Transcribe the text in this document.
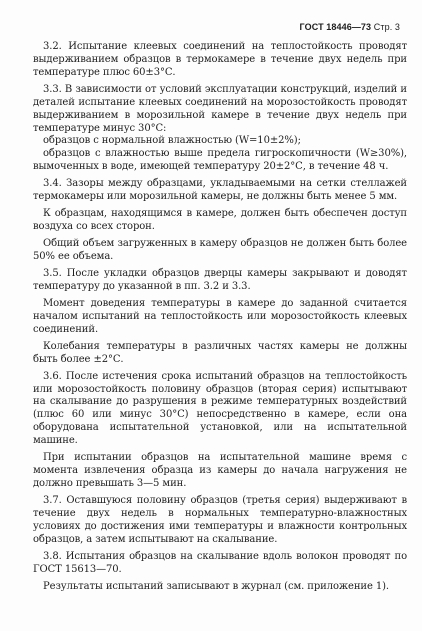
ГОСТ 18446—73 Стр. 3

3.2. Испытание клеевых соединений на теплостойкость проводят выдерживанием образцов в термокамере в течение двух недель при температуре плюс 60±3°С.

3.3. В зависимости от условий эксплуатации конструкций, изделий и деталей испытание клеевых соединений на морозостойкость проводят выдерживанием в морозильной камере в течение двух недель при температуре минус 30°С:

образцов с нормальной влажностью (W=10±2%);

образцов с влажностью выше предела гигроскопичности (W≥30%), вымоченных в воде, имеющей температуру 20±2°С, в течение 48 ч.

3.4. Зазоры между образцами, укладываемыми на сетки стеллажей термокамеры или морозильной камеры, не должны быть менее 5 мм.

К образцам, находящимся в камере, должен быть обеспечен доступ воздуха со всех сторон.

Общий объем загруженных в камеру образцов не должен быть более 50% ее объема.

3.5. После укладки образцов дверцы камеры закрывают и доводят температуру до указанной в пп. 3.2 и 3.3.

Момент доведения температуры в камере до заданной считается началом испытаний на теплостойкость или морозостойкость клеевых соединений.

Колебания температуры в различных частях камеры не должны быть более ±2°С.

3.6. После истечения срока испытаний образцов на теплостойкость или морозостойкость половину образцов (вторая серия) испытывают на скалывание до разрушения в режиме температурных воздействий (плюс 60 или минус 30°С) непосредственно в камере, если она оборудована испытательной установкой, или на испытательной машине.

При испытании образцов на испытательной машине время с момента извлечения образца из камеры до начала нагружения не должно превышать 3—5 мин.

3.7. Оставшуюся половину образцов (третья серия) выдерживают в течение двух недель в нормальных температурно-влажностных условиях до достижения ими температуры и влажности контрольных образцов, а затем испытывают на скалывание.

3.8. Испытания образцов на скалывание вдоль волокон проводят по ГОСТ 15613—70.

Результаты испытаний записывают в журнал (см. приложение 1).
